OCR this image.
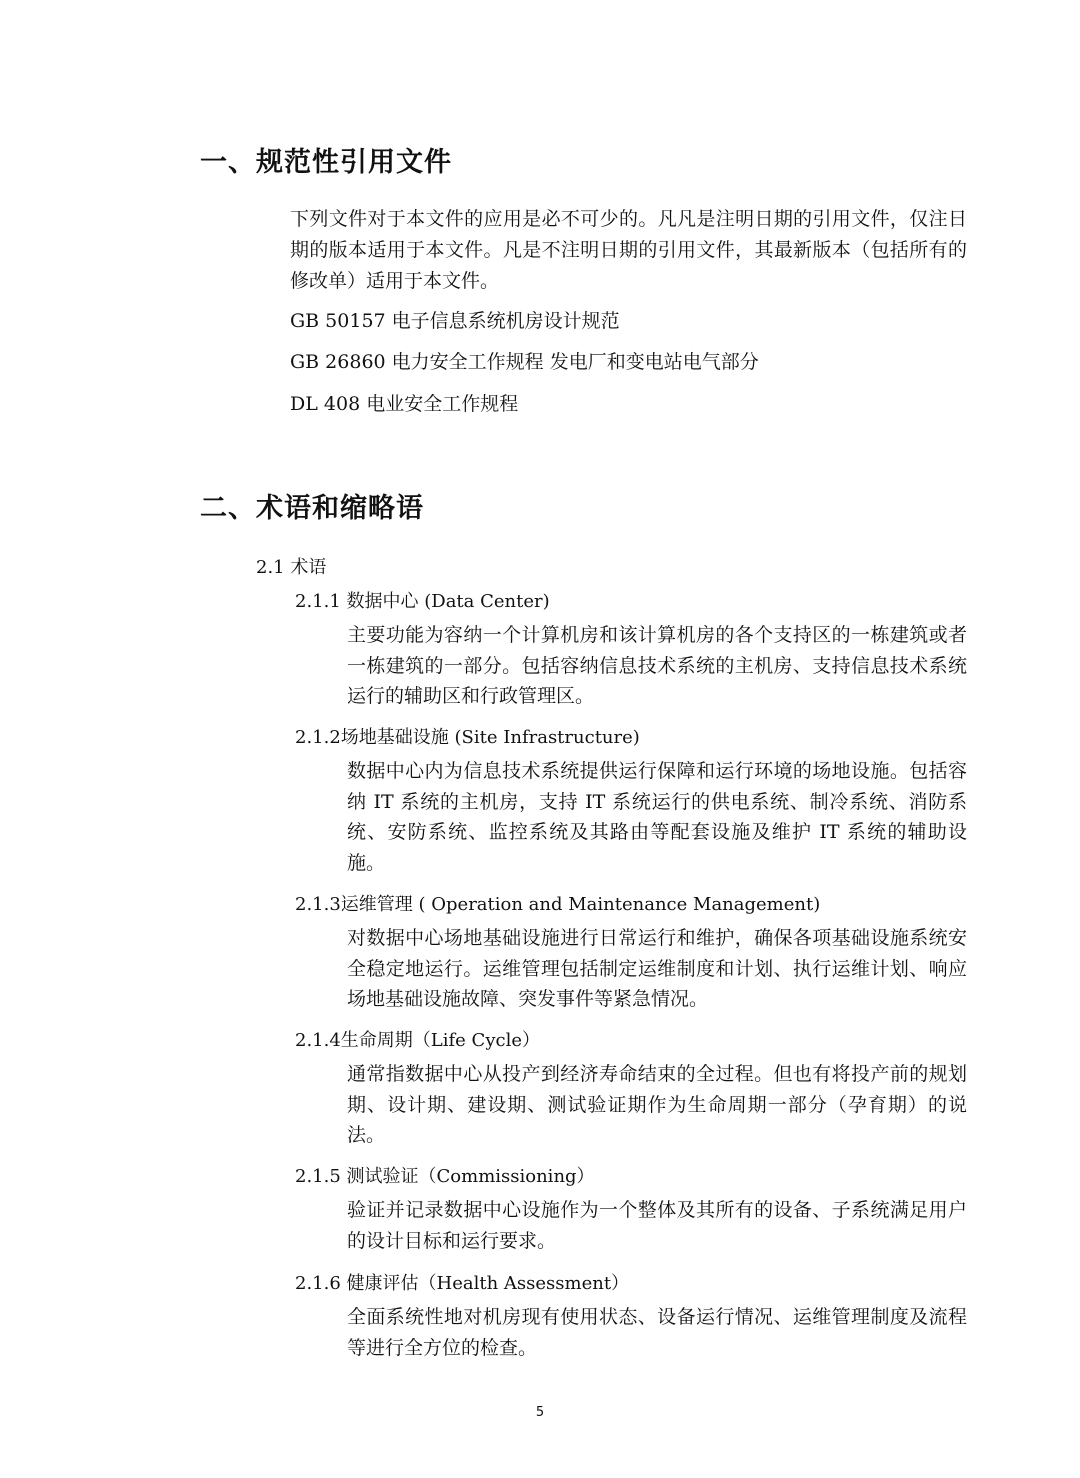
一、规范性引用文件
下列文件对于本文件的应用是必不可少的。凡凡是注明日期的引用文件，仅注日期的版本适用于本文件。凡是不注明日期的引用文件，其最新版本（包括所有的修改单）适用于本文件。
GB 50157 电子信息系统机房设计规范
GB 26860 电力安全工作规程 发电厂和变电站电气部分
DL 408 电业安全工作规程
二、术语和缩略语
2.1 术语
2.1.1 数据中心 (Data Center)
主要功能为容纳一个计算机房和该计算机房的各个支持区的一栋建筑或者一栋建筑的一部分。包括容纳信息技术系统的主机房、支持信息技术系统运行的辅助区和行政管理区。
2.1.2场地基础设施 (Site Infrastructure)
数据中心内为信息技术系统提供运行保障和运行环境的场地设施。包括容纳 IT 系统的主机房，支持 IT 系统运行的供电系统、制冷系统、消防系统、安防系统、监控系统及其路由等配套设施及维护 IT 系统的辅助设施。
2.1.3运维管理 ( Operation and Maintenance Management)
对数据中心场地基础设施进行日常运行和维护，确保各项基础设施系统安全稳定地运行。运维管理包括制定运维制度和计划、执行运维计划、响应场地基础设施故障、突发事件等紧急情况。
2.1.4生命周期（Life Cycle）
通常指数据中心从投产到经济寿命结束的全过程。但也有将投产前的规划期、设计期、建设期、测试验证期作为生命周期一部分（孕育期）的说法。
2.1.5 测试验证（Commissioning）
验证并记录数据中心设施作为一个整体及其所有的设备、子系统满足用户的设计目标和运行要求。
2.1.6 健康评估（Health Assessment）
全面系统性地对机房现有使用状态、设备运行情况、运维管理制度及流程等进行全方位的检查。
5
